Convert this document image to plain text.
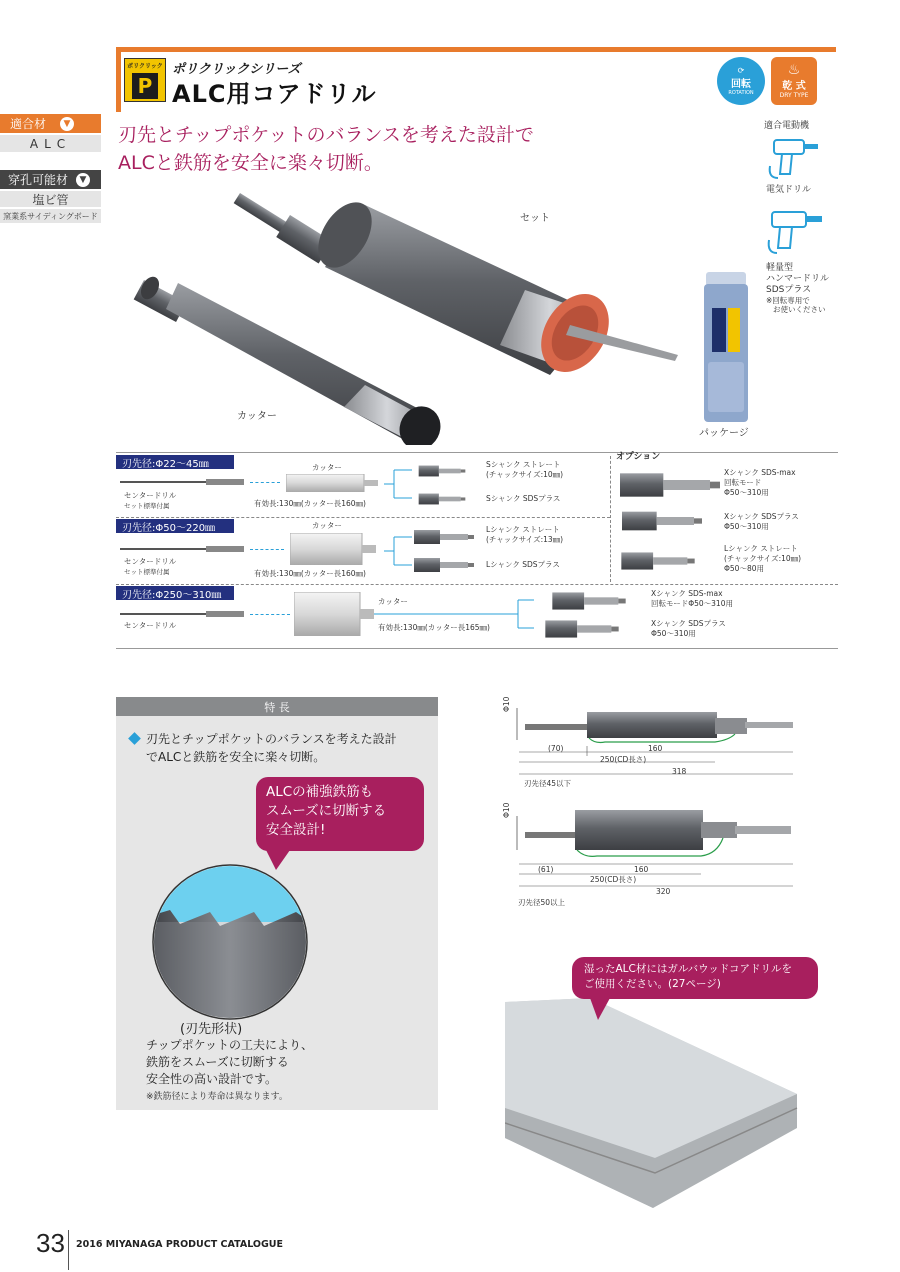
ポリクリック
P
ポリクリックシリーズ
ALC用コアドリル
⟳
回転
ROTATION
♨
乾 式
DRY TYPE
適合材	▼
ALC
穿孔可能材	▼
塩ビ管
窯業系サイディングボード
刃先とチップポケットのバランスを考えた設計で
ALCと鉄筋を安全に楽々切断。
適合電動機
電気ドリル
軽量型
ハンマードリル
SDSプラス
※回転専用で
お使いください
セット
カッター
パッケージ
オプション
刃先径:Φ22〜45㎜
センタードリル
セット標準付属
カッター
有効長:130㎜(カッター長160㎜)
Sシャンク ストレート
(チャックサイズ:10㎜)
Sシャンク SDSプラス
刃先径:Φ50〜220㎜
センタードリル
セット標準付属
カッター
有効長:130㎜(カッター長160㎜)
Lシャンク ストレート
(チャックサイズ:13㎜)
Lシャンク SDSプラス
刃先径:Φ250〜310㎜
センタードリル
カッター
有効長:130㎜(カッター長165㎜)
Xシャンク SDS-max
回転モードΦ50〜310用
Xシャンク SDSプラス
Φ50〜310用
Xシャンク SDS-max
回転モード
Φ50〜310用
Xシャンク SDSプラス
Φ50〜310用
Lシャンク ストレート
(チャックサイズ:10㎜)
Φ50〜80用
特 長
刃先とチップポケットのバランスを考えた設計
でALCと鉄筋を安全に楽々切断。
ALCの補強鉄筋も
スムーズに切断する
安全設計!
(刃先形状)
チップポケットの工夫により、
鉄筋をスムーズに切断する
安全性の高い設計です。
※鉄筋径により寿命は異なります。
Φ10
(70)	160
250(CD長さ)
318
刃先径45以下
Φ10
(61)	160
250(CD長さ)
320
刃先径50以上
湿ったALC材にはガルバウッドコアドリルを
ご使用ください。(27ページ)
33 2016 MIYANAGA PRODUCT CATALOGUE
